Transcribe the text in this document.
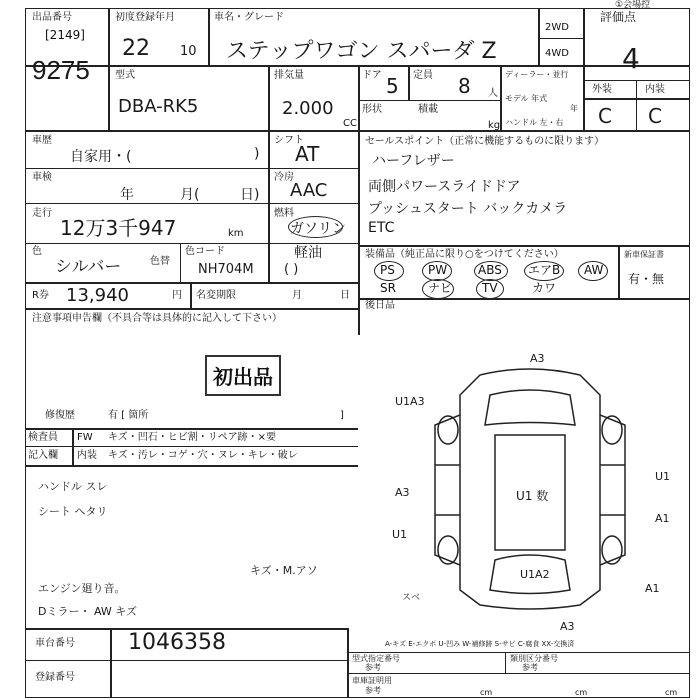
①会場控
出品番号
[2149]
9275
初度登録年月
22 10
車名・グレード
ステップワゴン スパーダ Z
2WD
4WD
評価点
4
型式
DBA-RK5
排気量
2.000
CC
ドア 5 定員 8 人
形状	積載
kg
ディーラー・並行
モデル 年式
年
ハンドル 左・右
外装	内装
C C
車歴
自家用・(	)
シフト
AT
車検
年	月(	日)
冷房
AAC
走行
12万3千947	km
燃料
ガソリン
軽油
( )
色
シルバー	色替
色コード
NH704M
R券 13,940	円 名変期限	月	日
セールスポイント（正常に機能するものに限ります）
ハーフレザー
両側パワースライドドア
プッシュスタート バックカメラ
ETC
装備品（純正品に限り○をつけてください）
PS	PW	ABS エアB AW
SR	ナビ TV	カワ
新車保証書
有・無
後日品
注意事項申告欄（不具合等は具体的に記入して下さい）
初出品
修復歴	有 [ 箇所	]
検査員
記入欄
FW キズ・凹石・ヒビ割・リペア跡・×要
内装 キズ・汚レ・コゲ・穴・ヌレ・キレ・破レ
ハンドル スレ
シート ヘタリ
キズ・M.アソ
エンジン廻り音。
Dミラー・ AW キズ
A3
U1A3
A3
U1
U1 数
U1
A1
U1A2
A1
A3
スベ
A-キズ E-エクボ U-凹み W-補修跡 S-サビ C-腐食 XX-交換済
車台番号 1046358
登録番号
型式指定番号
参考
類別区分番号
参考
車庫証明用
参考	cm	cm	cm
